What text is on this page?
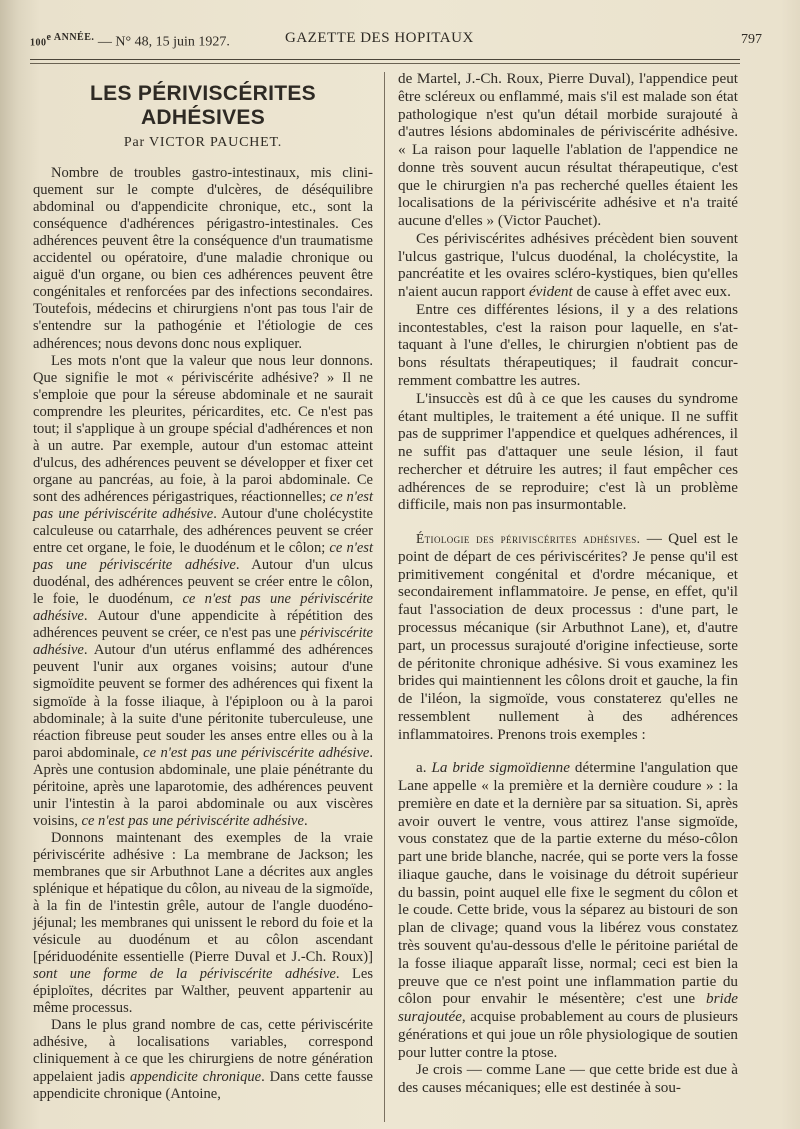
$100^{e ANNÉE.}$ — N° 48, 15 juin 1927.	GAZETTE DES HOPITAUX	797
LES PÉRIVISCÉRITES ADHÉSIVES
Par VICTOR PAUCHET.

Nombre de troubles gastro-intestinaux, mis cliniquement sur le compte d'ulcères, de déséquilibre abdominal ou d'appendicite chronique, etc., sont la conséquence d'adhérences périgastro-intestinales. Ces adhérences peuvent être la conséquence d'un traumatisme accidentel ou opératoire, d'une maladie chronique ou aiguë d'un organe, ou bien ces adhérences peuvent être congénitales et renforcées par des infections secondaires. Toutefois, médecins et chirurgiens n'ont pas tous l'air de s'entendre sur la pathogénie et l'étiologie de ces adhérences; nous devons donc nous expliquer.

Les mots n'ont que la valeur que nous leur donnons. Que signifie le mot « périviscérite adhésive? » Il ne s'emploie que pour la séreuse abdominale et ne saurait comprendre les pleurites, péricardites, etc. Ce n'est pas tout; il s'applique à un groupe spécial d'adhérences et non à un autre. Par exemple, autour d'un estomac atteint d'ulcus, des adhérences peuvent se développer et fixer cet organe au pancréas, au foie, à la paroi abdominale. Ce sont des adhérences périgastriques, réactionnelles; ce n'est pas une périviscérite adhésive. Autour d'une cholécystite calculeuse ou catarrhale, des adhérences peuvent se créer entre cet organe, le foie, le duodénum et le côlon; ce n'est pas une périviscérite adhésive. Autour d'un ulcus duodénal, des adhérences peuvent se créer entre le côlon, le foie, le duodénum, ce n'est pas une périviscérite adhésive. Autour d'une appendicite à répétition des adhérences peuvent se créer, ce n'est pas une périviscérite adhésive. Autour d'un utérus enflammé des adhérences peuvent l'unir aux organes voisins; autour d'une sigmoïdite peuvent se former des adhérences qui fixent la sigmoïde à la fosse iliaque, à l'épiploon ou à la paroi abdominale; à la suite d'une péritonite tuberculeuse, une réaction fibreuse peut souder les anses entre elles ou à la paroi abdominale, ce n'est pas une périviscérite adhésive. Après une contusion abdominale, une plaie pénétrante du péritoine, après une laparotomie, des adhérences peuvent unir l'intestin à la paroi abdominale ou aux viscères voisins, ce n'est pas une périviscérite adhésive.

Donnons maintenant des exemples de la vraie périviscérite adhésive : La membrane de Jackson; les membranes que sir Arbuthnot Lane a décrites aux angles splénique et hépatique du côlon, au niveau de la sigmoïde, à la fin de l'intestin grêle, autour de l'angle duodéno-jéjunal; les membranes qui unissent le rebord du foie et la vésicule au duodénum et au côlon ascendant [périduodénite essentielle (Pierre Duval et J.-Ch. Roux)] sont une forme de la périviscérite adhésive. Les épiploïtes, décrites par Walther, peuvent appartenir au même processus.

Dans le plus grand nombre de cas, cette périviscérite adhésive, à localisations variables, correspond cliniquement à ce que les chirurgiens de notre génération appelaient jadis appendicite chronique. Dans cette fausse appendicite chronique (Antoine,

de Martel, J.-Ch. Roux, Pierre Duval), l'appendice peut être scléreux ou enflammé, mais s'il est malade son état pathologique n'est qu'un détail morbide surajouté à d'autres lésions abdominales de périviscérite adhésive. « La raison pour laquelle l'ablation de l'appendice ne donne très souvent aucun résultat thérapeutique, c'est que le chirurgien n'a pas recherché quelles étaient les localisations de la périviscérite adhésive et n'a traité aucune d'elles » (Victor Pauchet).

Ces périviscérites adhésives précèdent bien souvent l'ulcus gastrique, l'ulcus duodénal, la cholécystite, la pancréatite et les ovaires scléro-kystiques, bien qu'elles n'aient aucun rapport évident de cause à effet avec eux.

Entre ces différentes lésions, il y a des relations incontestables, c'est la raison pour laquelle, en s'attaquant à l'une d'elles, le chirurgien n'obtient pas de bons résultats thérapeutiques; il faudrait concurremment combattre les autres.

L'insuccès est dû à ce que les causes du syndrome étant multiples, le traitement a été unique. Il ne suffit pas de supprimer l'appendice et quelques adhérences, il ne suffit pas d'attaquer une seule lésion, il faut rechercher et détruire les autres; il faut empêcher ces adhérences de se reproduire; c'est là un problème difficile, mais non pas insurmontable.

Étiologie des périviscérites adhésives. — Quel est le point de départ de ces périviscérites? Je pense qu'il est primitivement congénital et d'ordre mécanique, et secondairement inflammatoire. Je pense, en effet, qu'il faut l'association de deux processus : d'une part, le processus mécanique (sir Arbuthnot Lane), et, d'autre part, un processus surajouté d'origine infectieuse, sorte de péritonite chronique adhésive. Si vous examinez les brides qui maintiennent les côlons droit et gauche, la fin de l'iléon, la sigmoïde, vous constaterez qu'elles ne ressemblent nullement à des adhérences inflammatoires. Prenons trois exemples :

a. La bride sigmoïdienne détermine l'angulation que Lane appelle « la première et la dernière coudure » : la première en date et la dernière par sa situation. Si, après avoir ouvert le ventre, vous attirez l'anse sigmoïde, vous constatez que de la partie externe du méso-côlon part une bride blanche, nacrée, qui se porte vers la fosse iliaque gauche, dans le voisinage du détroit supérieur du bassin, point auquel elle fixe le segment du côlon et le coude. Cette bride, vous la séparez au bistouri de son plan de clivage; quand vous la libérez vous constatez très souvent qu'au-dessous d'elle le péritoine pariétal de la fosse iliaque apparaît lisse, normal; ceci est bien la preuve que ce n'est point une inflammation partie du côlon pour envahir le mésentère; c'est une bride surajoutée, acquise probablement au cours de plusieurs générations et qui joue un rôle physiologique de soutien pour lutter contre la ptose.

Je crois — comme Lane — que cette bride est due à des causes mécaniques; elle est destinée à sou-
